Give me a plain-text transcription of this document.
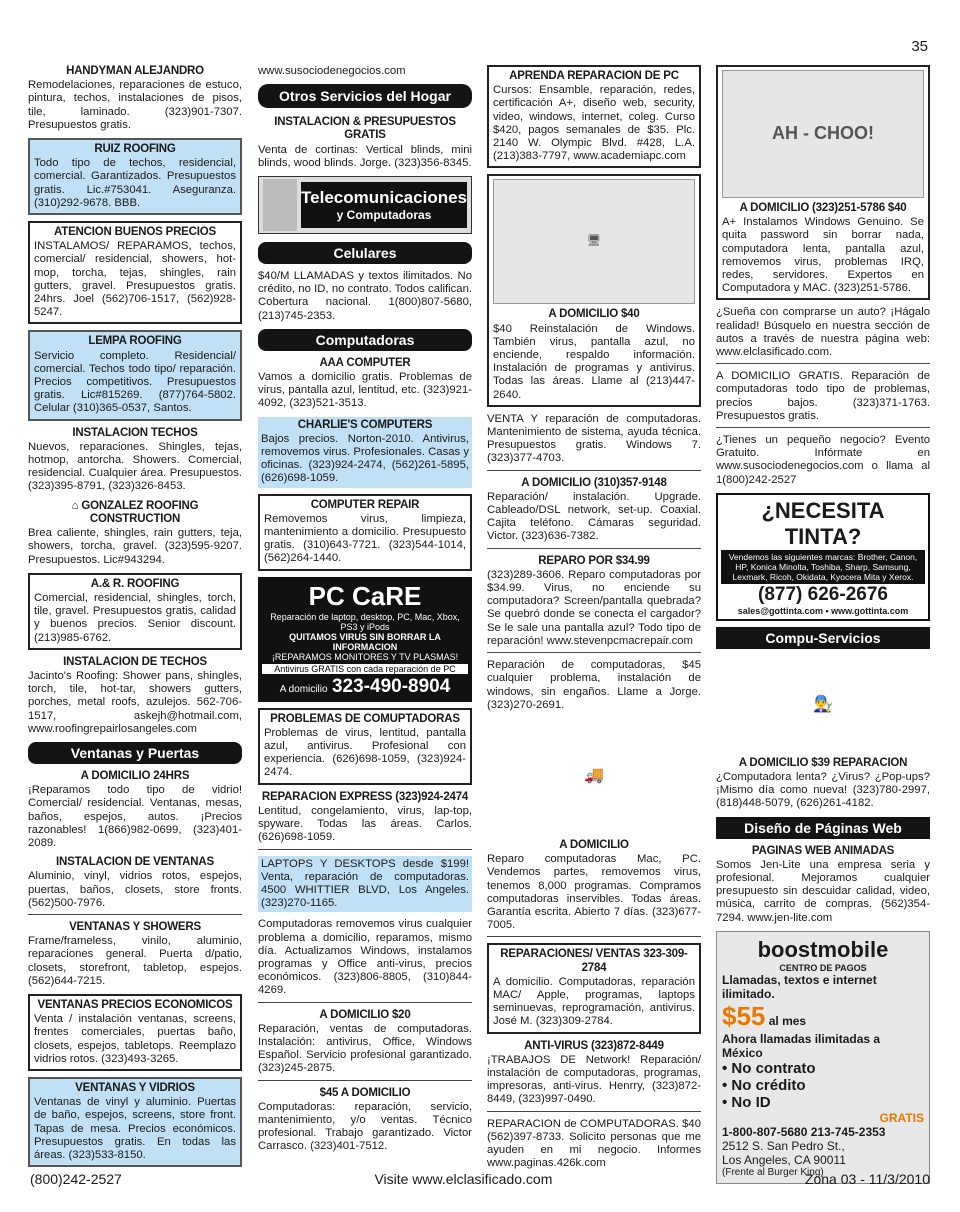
35
HANDYMAN ALEJANDRO

Remodelaciones, reparaciones de estuco, pintura, techos, instalaciones de pisos, tile, laminado. (323)901-7307. Presupuestos gratis.

RUIZ ROOFING

Todo tipo de techos, residencial, comercial. Garantizados. Presupuestos gratis. Lic.#753041. Aseguranza. (310)292-9678. BBB.

ATENCION BUENOS PRECIOS

INSTALAMOS/ REPARAMOS, techos, comercial/ residencial, showers, hot-mop, torcha, tejas, shingles, rain gutters, gravel. Presupuestos gratis. 24hrs. Joel (562)706-1517, (562)928-5247.

LEMPA ROOFING

Servicio completo. Residencial/ comercial. Techos todo tipo/ reparación. Precios competitivos. Presupuestos gratis. Lic#815269. (877)764-5802. Celular (310)365-0537, Santos.

INSTALACION TECHOS

Nuevos, reparaciones. Shingles, tejas, hotmop, antorcha. Showers. Comercial, residencial. Cualquier área. Presupuestos. (323)395-8791, (323)326-8453.

⌂ GONZALEZ ROOFING CONSTRUCTION

Brea caliente, shingles, rain gutters, teja, showers, torcha, gravel. (323)595-9207. Presupuestos. Lic#943294.

A.& R. ROOFING

Comercial, residencial, shingles, torch, tile, gravel. Presupuestos gratis, calidad y buenos precios. Senior discount. (213)985-6762.

INSTALACION DE TECHOS

Jacinto's Roofing: Shower pans, shingles, torch, tile, hot-tar, showers gutters, porches, metal roofs, azulejos. 562-706-1517, askejh@hotmail.com, www.roofingrepairlosangeles.com

Ventanas y Puertas
A DOMICILIO 24HRS

¡Reparamos todo tipo de vidrio! Comercial/ residencial. Ventanas, mesas, baños, espejos, autos. ¡Precios razonables! 1(866)982-0699, (323)401-2089.

INSTALACION DE VENTANAS

Aluminio, vinyl, vidrios rotos, espejos, puertas, baños, closets, store fronts. (562)500-7976.

VENTANAS Y SHOWERS

Frame/frameless, vinilo, aluminio, reparaciones general. Puerta d/patio, closets, storefront, tabletop, espejos. (562)644-7215.

VENTANAS PRECIOS ECONOMICOS

Venta / instalación ventanas, screens, frentes comerciales, puertas baño, closets, espejos, tabletops. Reemplazo vidrios rotos. (323)493-3265.

VENTANAS Y VIDRIOS

Ventanas de vinyl y aluminio. Puertas de baño, espejos, screens, store front. Tapas de mesa. Precios económicos. Presupuestos gratis. En todas las áreas. (323)533-8150.

www.susociodenegocios.com
Otros Servicios del Hogar
INSTALACION & PRESUPUESTOS GRATIS

Venta de cortinas: Vertical blinds, mini blinds, wood blinds. Jorge. (323)356-8345.

Telecomunicaciones
y Computadoras
Celulares

$40/M LLAMADAS y textos ilimitados. No crédito, no ID, no contrato. Todos califican. Cobertura nacional. 1(800)807-5680, (213)745-2353.

Computadoras
AAA COMPUTER

Vamos a domicilio gratis. Problemas de virus, pantalla azul, lentitud, etc. (323)921-4092, (323)521-3513.

CHARLIE'S COMPUTERS

Bajos precios. Norton-2010. Antivirus, removemos virus. Profesionales. Casas y oficinas. (323)924-2474, (562)261-5895, (626)698-1059.

COMPUTER REPAIR

Removemos virus, limpieza, mantenimiento a domicilio. Presupuesto gratis. (310)643-7721. (323)544-1014, (562)264-1440.

PC CaRE
Reparación de laptop, desktop, PC, Mac, Xbox, PS3 y iPods
QUITAMOS VIRUS SIN BORRAR LA INFORMACION
¡REPARAMOS MONITORES Y TV PLASMAS!
Antivirus GRATIS con cada reparación de PC
A domicilio 323-490-8904
PROBLEMAS DE COMUPTADORAS

Problemas de virus, lentitud, pantalla azul, antivirus. Profesional con experiencia. (626)698-1059, (323)924-2474.

REPARACION EXPRESS (323)924-2474

Lentitud, congelamiento, virus, lap-top, spyware. Todas las áreas. Carlos. (626)698-1059.

LAPTOPS Y DESKTOPS desde $199! Venta, reparación de computadoras. 4500 WHITTIER BLVD, Los Angeles. (323)270-1165.

Computadoras removemos virus cualquier problema a domicilio, reparamos, mismo día. Actualizamos Windows, instalamos programas y Office anti-virus, precios económicos. (323)806-8805, (310)844-4269.

A DOMICILIO $20

Reparación, ventas de computadoras. Instalación: antivirus, Office, Windows Español. Servicio profesional garantizado. (323)245-2875.

$45 A DOMICILIO

Computadoras: reparación, servicio, mantenimiento, y/o ventas. Técnico profesional. Trabajo garantizado. Victor Carrasco. (323)401-7512.

APRENDA REPARACION DE PC

Cursos: Ensamble, reparación, redes, certificación A+, diseño web, security, video, windows, internet, coleg. Curso $420, pagos semanales de $35. Plc. 2140 W. Olympic Blvd. #428, L.A. (213)383-7797, www.academiapc.com

🖥
A DOMICILIO $40

$40 Reinstalación de Windows. También virus, pantalla azul, no enciende, respaldo información. Instalación de programas y antivirus. Todas las áreas. Llame al (213)447-2640.

VENTA Y reparación de computadoras. Mantenimiento de sistema, ayuda técnica. Presupuestos gratis. Windows 7. (323)377-4703.

A DOMICILIO (310)357-9148

Reparación/ instalación. Upgrade. Cableado/DSL network, set-up. Coaxial. Cajita teléfono. Cámaras seguridad. Victor. (323)636-7382.

REPARO POR $34.99

(323)289-3606. Reparo computadoras por $34.99. Virus, no enciende su computadora? Screen/pantalla quebrada? Se quebró donde se conecta el cargador? Se le sale una pantalla azul? Todo tipo de reparación! www.stevenpcmacrepair.com

Reparación de computadoras, $45 cualquier problema, instalación de windows, sin engaños. Llame a Jorge. (323)270-2691.

🚚
A DOMICILIO

Reparo computadoras Mac, PC. Vendemos partes, removemos virus, tenemos 8,000 programas. Compramos computadoras inservibles. Todas áreas. Garantía escrita. Abierto 7 días. (323)677-7005.

REPARACIONES/ VENTAS 323-309-2784

A domicilio. Computadoras, reparación MAC/ Apple, programas, laptops seminuevas, reprogramación, antivirus. José M. (323)309-2784.

ANTI-VIRUS (323)872-8449

¡TRABAJOS DE Network! Reparación/ instalación de computadoras, programas, impresoras, anti-virus. Henrry, (323)872-8449, (323)997-0490.

REPARACION de COMPUTADORAS. $40 (562)397-8733. Solicito personas que me ayuden en mi negocio. Informes www.paginas.426k.com

AH - CHOO!
A DOMICILIO (323)251-5786 $40

A+ Instalamos Windows Genuino. Se quita password sin borrar nada, computadora lenta, pantalla azul, removemos virus, problemas IRQ, redes, servidores. Expertos en Computadora y MAC. (323)251-5786.

¿Sueña con comprarse un auto? ¡Hágalo realidad! Búsquelo en nuestra sección de autos a través de nuestra página web: www.elclasificado.com.

A DOMICILIO GRATIS. Reparación de computadoras todo tipo de problemas, precios bajos. (323)371-1763. Presupuestos gratis.

¿Tienes un pequeño negocio? Evento Gratuito. Infórmate en www.susociodenegocios.com o llama al 1(800)242-2527

¿NECESITA TINTA?
Vendemos las siguientes marcas: Brother, Canon, HP, Konica Minolta, Toshiba, Sharp, Samsung, Lexmark, Ricoh, Okidata, Kyocera Mita y Xerox.
(877) 626-2676
sales@gottinta.com • www.gottinta.com
Compu-Servicios
👨‍🔧
A DOMICILIO $39 REPARACION

¿Computadora lenta? ¿Virus? ¿Pop-ups? ¡Mismo día como nueva! (323)780-2997, (818)448-5079, (626)261-4182.

Diseño de Páginas Web
PAGINAS WEB ANIMADAS

Somos Jen-Lite una empresa seria y profesional. Mejoramos cualquier presupuesto sin descuidar calidad, video, música, carrito de compras. (562)354-7294. www.jen-lite.com

boostmobile
CENTRO DE PAGOS
Llamadas, textos e internet ilimitado.
$55 al mes
Ahora llamadas ilimitadas a México
• No contrato
• No crédito
• No ID
GRATIS
1-800-807-5680 213-745-2353
2512 S. San Pedro St.,
Los Angeles, CA 90011
(Frente al Burger King)
(800)242-2527	Visite www.elclasificado.com	Zona 03 - 11/3/2010
